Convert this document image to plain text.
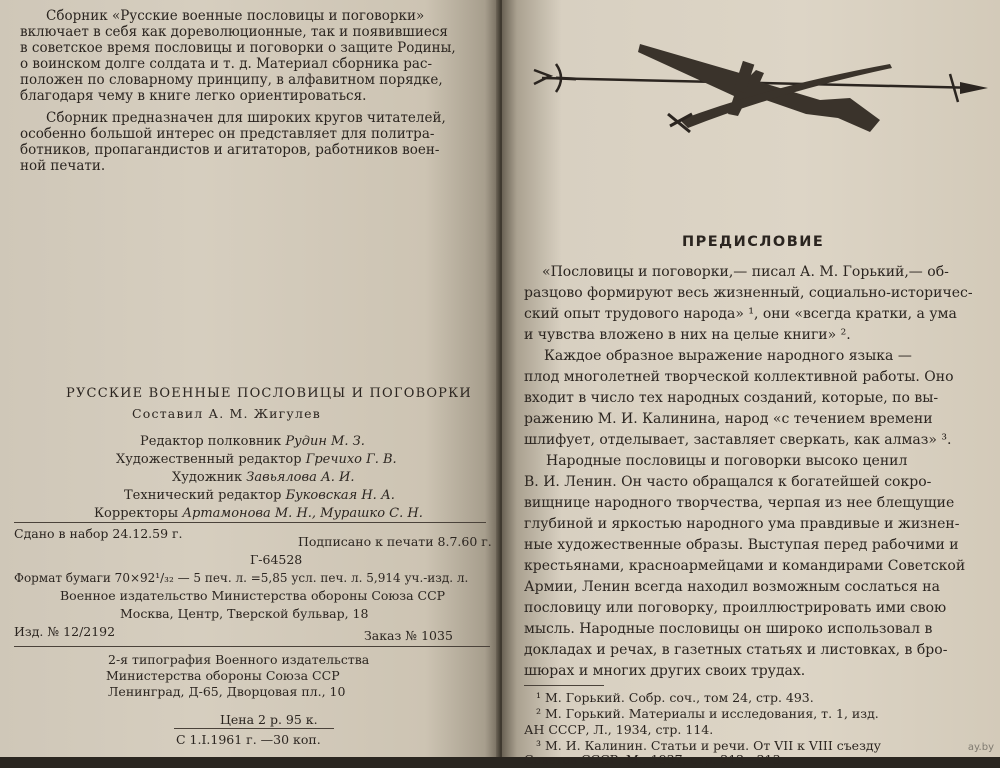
Сборник «Русские военные пословицы и поговорки»
включает в себя как дореволюционные, так и появившиеся
в советское время пословицы и поговорки о защите Родины,
о воинском долге солдата и т. д. Материал сборника рас-
положен по словарному принципу, в алфавитном порядке,
благодаря чему в книге легко ориентироваться.
Сборник предназначен для широких кругов читателей,
особенно большой интерес он представляет для политра-
ботников, пропагандистов и агитаторов, работников воен-
ной печати.
РУССКИЕ ВОЕННЫЕ ПОСЛОВИЦЫ И ПОГОВОРКИ
Составил А. М. Жигулев
Редактор полковник Рудин М. З.
Художественный редактор Гречихо Г. В.
Художник Завьялова А. И.
Технический редактор Буковская Н. А.
Корректоры Артамонова М. Н., Мурашко С. Н.
Сдано в набор 24.12.59 г.
Подписано к печати 8.7.60 г.
Г-64528
Формат бумаги 70×92¹/₃₂ — 5 печ. л. =5,85 усл. печ. л. 5,914 уч.-изд. л.
Военное издательство Министерства обороны Союза ССР
Москва, Центр, Тверской бульвар, 18
Изд. № 12/2192	Заказ № 1035
2-я типография Военного издательства
Министерства обороны Союза ССР
Ленинград, Д-65, Дворцовая пл., 10
Цена 2 р. 95 к.
С 1.I.1961 г. —30 коп.
ПРЕДИСЛОВИЕ
«Пословицы и поговорки,— писал А. М. Горький,— об-
разцово формируют весь жизненный, социально-историчес-
ский опыт трудового народа» ¹, они «всегда кратки, а ума
и чувства вложено в них на целые книги» ².
Каждое образное выражение народного языка —
плод многолетней творческой коллективной работы. Оно
входит в число тех народных созданий, которые, по вы-
ражению М. И. Калинина, народ «с течением времени
шлифует, отделывает, заставляет сверкать, как алмаз» ³.
Народные пословицы и поговорки высоко ценил
В. И. Ленин. Он часто обращался к богатейшей сокро-
вищнице народного творчества, черпая из нее блещущие
глубиной и яркостью народного ума правдивые и жизнен-
ные художественные образы. Выступая перед рабочими и
крестьянами, красноармейцами и командирами Советской
Армии, Ленин всегда находил возможным сослаться на
пословицу или поговорку, проиллюстрировать ими свою
мысль. Народные пословицы он широко использовал в
докладах и речах, в газетных статьях и листовках, в бро-
шюрах и многих других своих трудах.
¹ М. Горький. Собр. соч., том 24, стр. 493.
² М. Горький. Материалы и исследования, т. 1, изд.
АН СССР, Л., 1934, стр. 114.
³ М. И. Калинин. Статьи и речи. От VII к VIII съезду
Советов СССР, М., 1937, стр. 212—213.
ay.by
